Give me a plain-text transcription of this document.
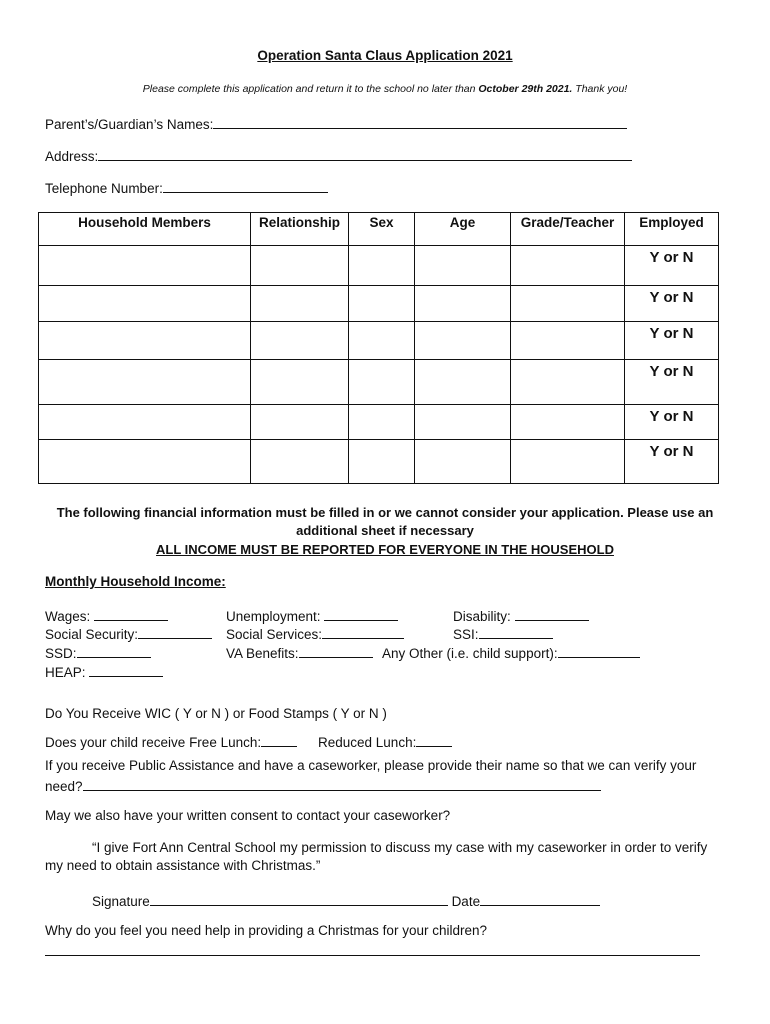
Operation Santa Claus Application 2021
Please complete this application and return it to the school no later than October 29th 2021. Thank you!
Parent’s/Guardian’s Names:
Address:
Telephone Number:
Household Members	Relationship	Sex	Age	Grade/Teacher	Employed
					Y or N
					Y or N
					Y or N
					Y or N
					Y or N
					Y or N
The following financial information must be filled in or we cannot consider your application. Please use an
additional sheet if necessary
ALL INCOME MUST BE REPORTED FOR EVERYONE IN THE HOUSEHOLD
Monthly Household Income:
Wages:	Unemployment:	Disability:
Social Security:	Social Services:	SSI:
SSD:	VA Benefits:	Any Other (i.e. child support):
HEAP:
Do You Receive WIC ( Y or N ) or Food Stamps ( Y or N )
Does your child receive Free Lunch:	Reduced Lunch:
If you receive Public Assistance and have a caseworker, please provide their name so that we can verify your
need?
May we also have your written consent to contact your caseworker?
“I give Fort Ann Central School my permission to discuss my case with my caseworker in order to verify
my need to obtain assistance with Christmas.”
Signature	Date
Why do you feel you need help in providing a Christmas for your children?
